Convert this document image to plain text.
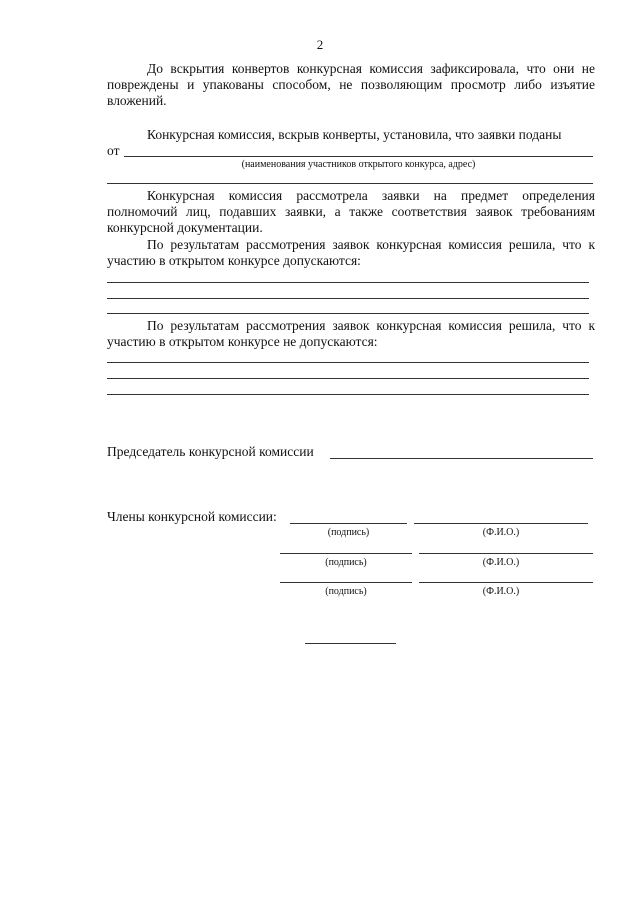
2

До вскрытия конвертов конкурсная комиссия зафиксировала, что они не повреждены и упакованы способом, не позволяющим просмотр либо изъятие вложений.

Конкурсная комиссия, вскрыв конверты, установила, что заявки поданы

от
(наименования участников открытого конкурса, адрес)

Конкурсная комиссия рассмотрела заявки на предмет определения полномочий лиц, подавших заявки, а также соответствия заявок требованиям конкурсной документации.

По результатам рассмотрения заявок конкурсная комиссия решила, что к участию в открытом конкурсе допускаются:

По результатам рассмотрения заявок конкурсная комиссия решила, что к участию в открытом конкурсе не допускаются:

Председатель конкурсной комиссии
Члены конкурсной комиссии:
(подпись)	(Ф.И.О.)
(подпись)	(Ф.И.О.)
(подпись)	(Ф.И.О.)
